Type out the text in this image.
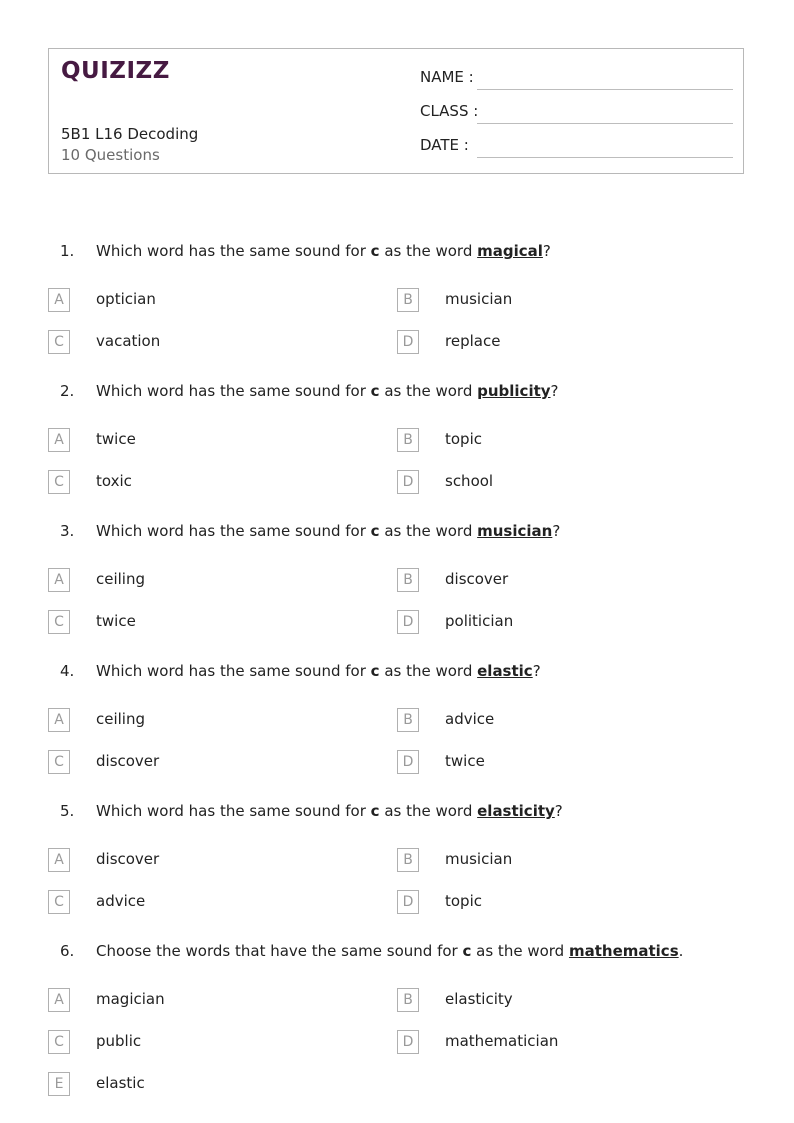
QUIZIZZ
5B1 L16 Decoding
10 Questions
NAME :
CLASS :
DATE :
1. Which word has the same sound for c as the word magical?
A	optician	B	musician
C	vacation	D	replace
2. Which word has the same sound for c as the word publicity?
A	twice	B	topic
C	toxic	D	school
3. Which word has the same sound for c as the word musician?
A	ceiling	B	discover
C	twice	D	politician
4. Which word has the same sound for c as the word elastic?
A	ceiling	B	advice
C	discover	D	twice
5. Which word has the same sound for c as the word elasticity?
A	discover	B	musician
C	advice	D	topic
6. Choose the words that have the same sound for c as the word mathematics.
A	magician	B	elasticity
C	public	D	mathematician
E	elastic
